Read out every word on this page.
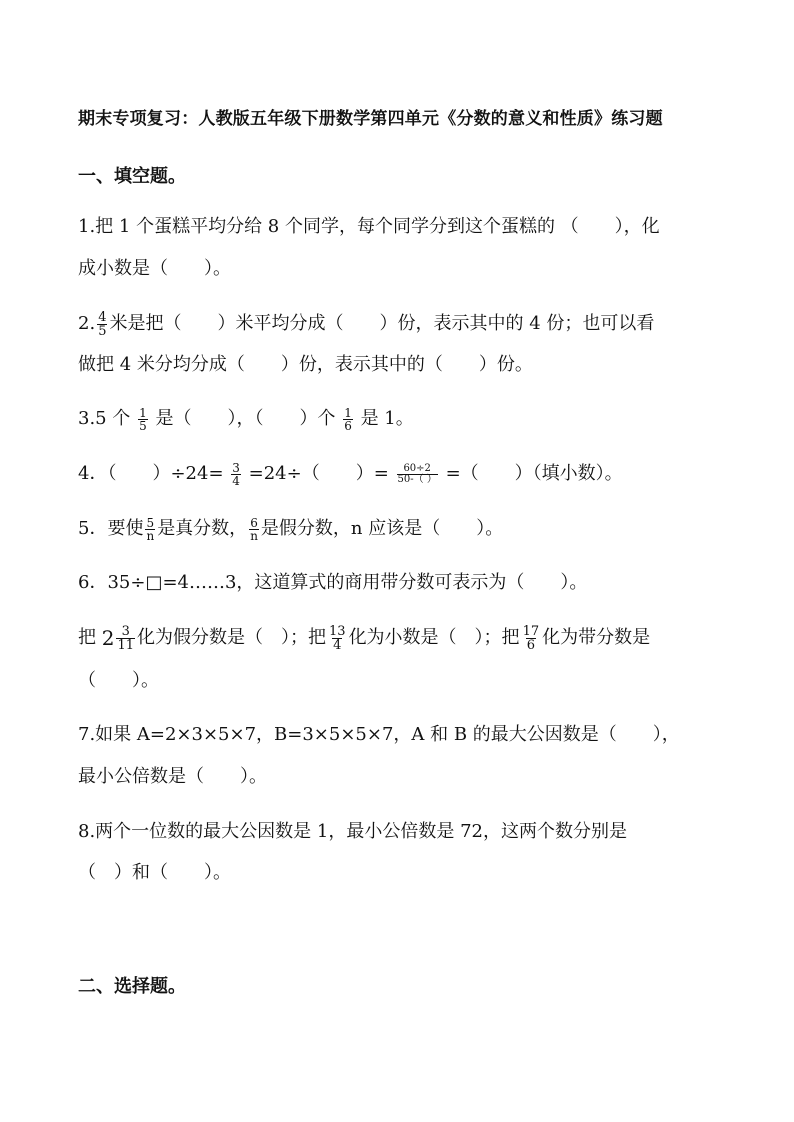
期末专项复习：人教版五年级下册数学第四单元《分数的意义和性质》练习题
一、填空题。
1.把 1 个蛋糕平均分给 8 个同学，每个同学分到这个蛋糕的 （　　），化
成小数是（　　）。
2. $\frac{4}{5}$ 米是把（　　）米平均分成（　　）份，表示其中的 4 份；也可以看
做把 4 米分均分成（　　）份，表示其中的（　　）份。
3.5 个 $\frac{1}{5}$ 是（　　），（　　）个 $\frac{1}{6}$ 是 1。
4．（　　）$\div 24= \frac{3}{4} =24\div$（　　）= $\frac{60\div 2}{50-( )}$ =（　　）（填小数）。
5．要使 $\frac{5}{n}$ 是真分数， $\frac{6}{n}$ 是假分数，n 应该是（　　）。
6．35÷□=4……3，这道算式的商用带分数可表示为（　　）。
把 $2 \frac{3}{11}$ 化为假分数是（　）；把 $\frac{13}{4}$ 化为小数是（　）；把 $\frac{17}{6}$ 化为带分数是
（　　）。
7.如果 A=2×3×5×7，B=3×5×5×7，A 和 B 的最大公因数是（　　），
最小公倍数是（　　）。
8.两个一位数的最大公因数是 1，最小公倍数是 72，这两个数分别是
（　）和（　　）。
二、选择题。
